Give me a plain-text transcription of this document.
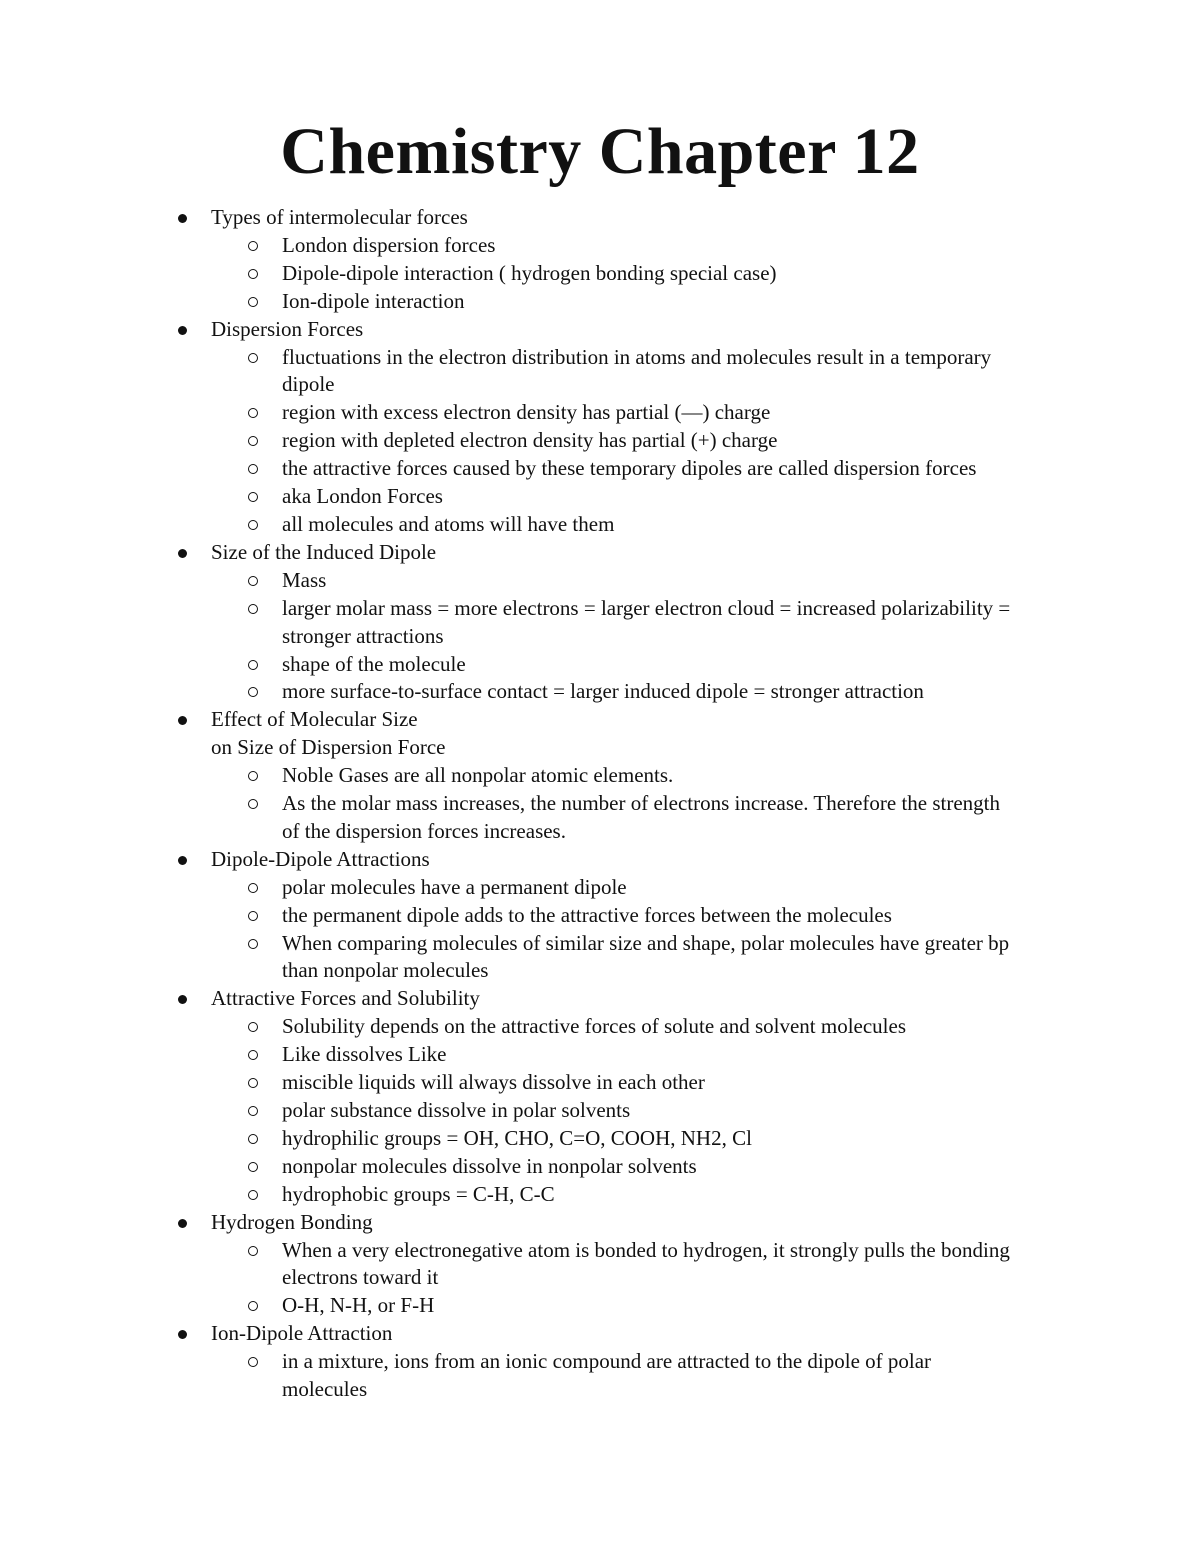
Chemistry Chapter 12
Types of intermolecular forces
London dispersion forces
Dipole-dipole interaction ( hydrogen bonding special case)
Ion-dipole interaction
Dispersion Forces
fluctuations in the electron distribution in atoms and molecules result in a temporary dipole
region with excess electron density has partial (—) charge
region with depleted electron density has partial (+) charge
the attractive forces caused by these temporary dipoles are called dispersion forces
aka London Forces
all molecules and atoms will have them
Size of the Induced Dipole
Mass
larger molar mass = more electrons = larger electron cloud = increased polarizability = stronger attractions
shape of the molecule
more surface-to-surface contact = larger induced dipole = stronger attraction
Effect of Molecular Size
on Size of Dispersion Force
Noble Gases are all nonpolar atomic elements.
As the molar mass increases, the number of electrons increase. Therefore the strength of the dispersion forces increases.
Dipole-Dipole Attractions
polar molecules have a permanent dipole
the permanent dipole adds to the attractive forces between the molecules
When comparing molecules of similar size and shape, polar molecules have greater bp than nonpolar molecules
Attractive Forces and Solubility
Solubility depends on the attractive forces of solute and solvent molecules
Like dissolves Like
miscible liquids will always dissolve in each other
polar substance dissolve in polar solvents
hydrophilic groups = OH, CHO, C=O, COOH, NH2, Cl
nonpolar molecules dissolve in nonpolar solvents
hydrophobic groups = C-H, C-C
Hydrogen Bonding
When a very electronegative atom is bonded to hydrogen, it strongly pulls the bonding electrons toward it
O-H, N-H, or F-H
Ion-Dipole Attraction
in a mixture, ions from an ionic compound are attracted to the dipole of polar molecules
